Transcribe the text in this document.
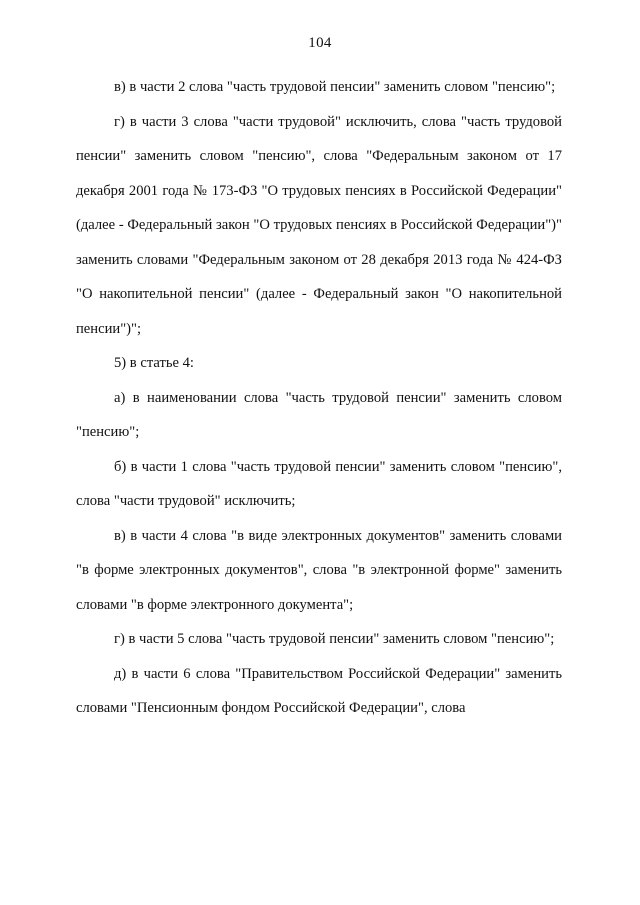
104

в) в части 2 слова "часть трудовой пенсии" заменить словом "пенсию";

г) в части 3 слова "части трудовой" исключить, слова "часть трудовой пенсии" заменить словом "пенсию", слова "Федеральным законом от 17 декабря 2001 года № 173-ФЗ "О трудовых пенсиях в Российской Федерации" (далее - Федеральный закон "О трудовых пенсиях в Российской Федерации")" заменить словами "Федеральным законом от 28 декабря 2013 года № 424-ФЗ "О накопительной пенсии" (далее - Федеральный закон "О накопительной пенсии")";

5) в статье 4:

а) в наименовании слова "часть трудовой пенсии" заменить словом "пенсию";

б) в части 1 слова "часть трудовой пенсии" заменить словом "пенсию", слова "части трудовой" исключить;

в) в части 4 слова "в виде электронных документов" заменить словами "в форме электронных документов", слова "в электронной форме" заменить словами "в форме электронного документа";

г) в части 5 слова "часть трудовой пенсии" заменить словом "пенсию";

д) в части 6 слова "Правительством Российской Федерации" заменить словами "Пенсионным фондом Российской Федерации", слова
